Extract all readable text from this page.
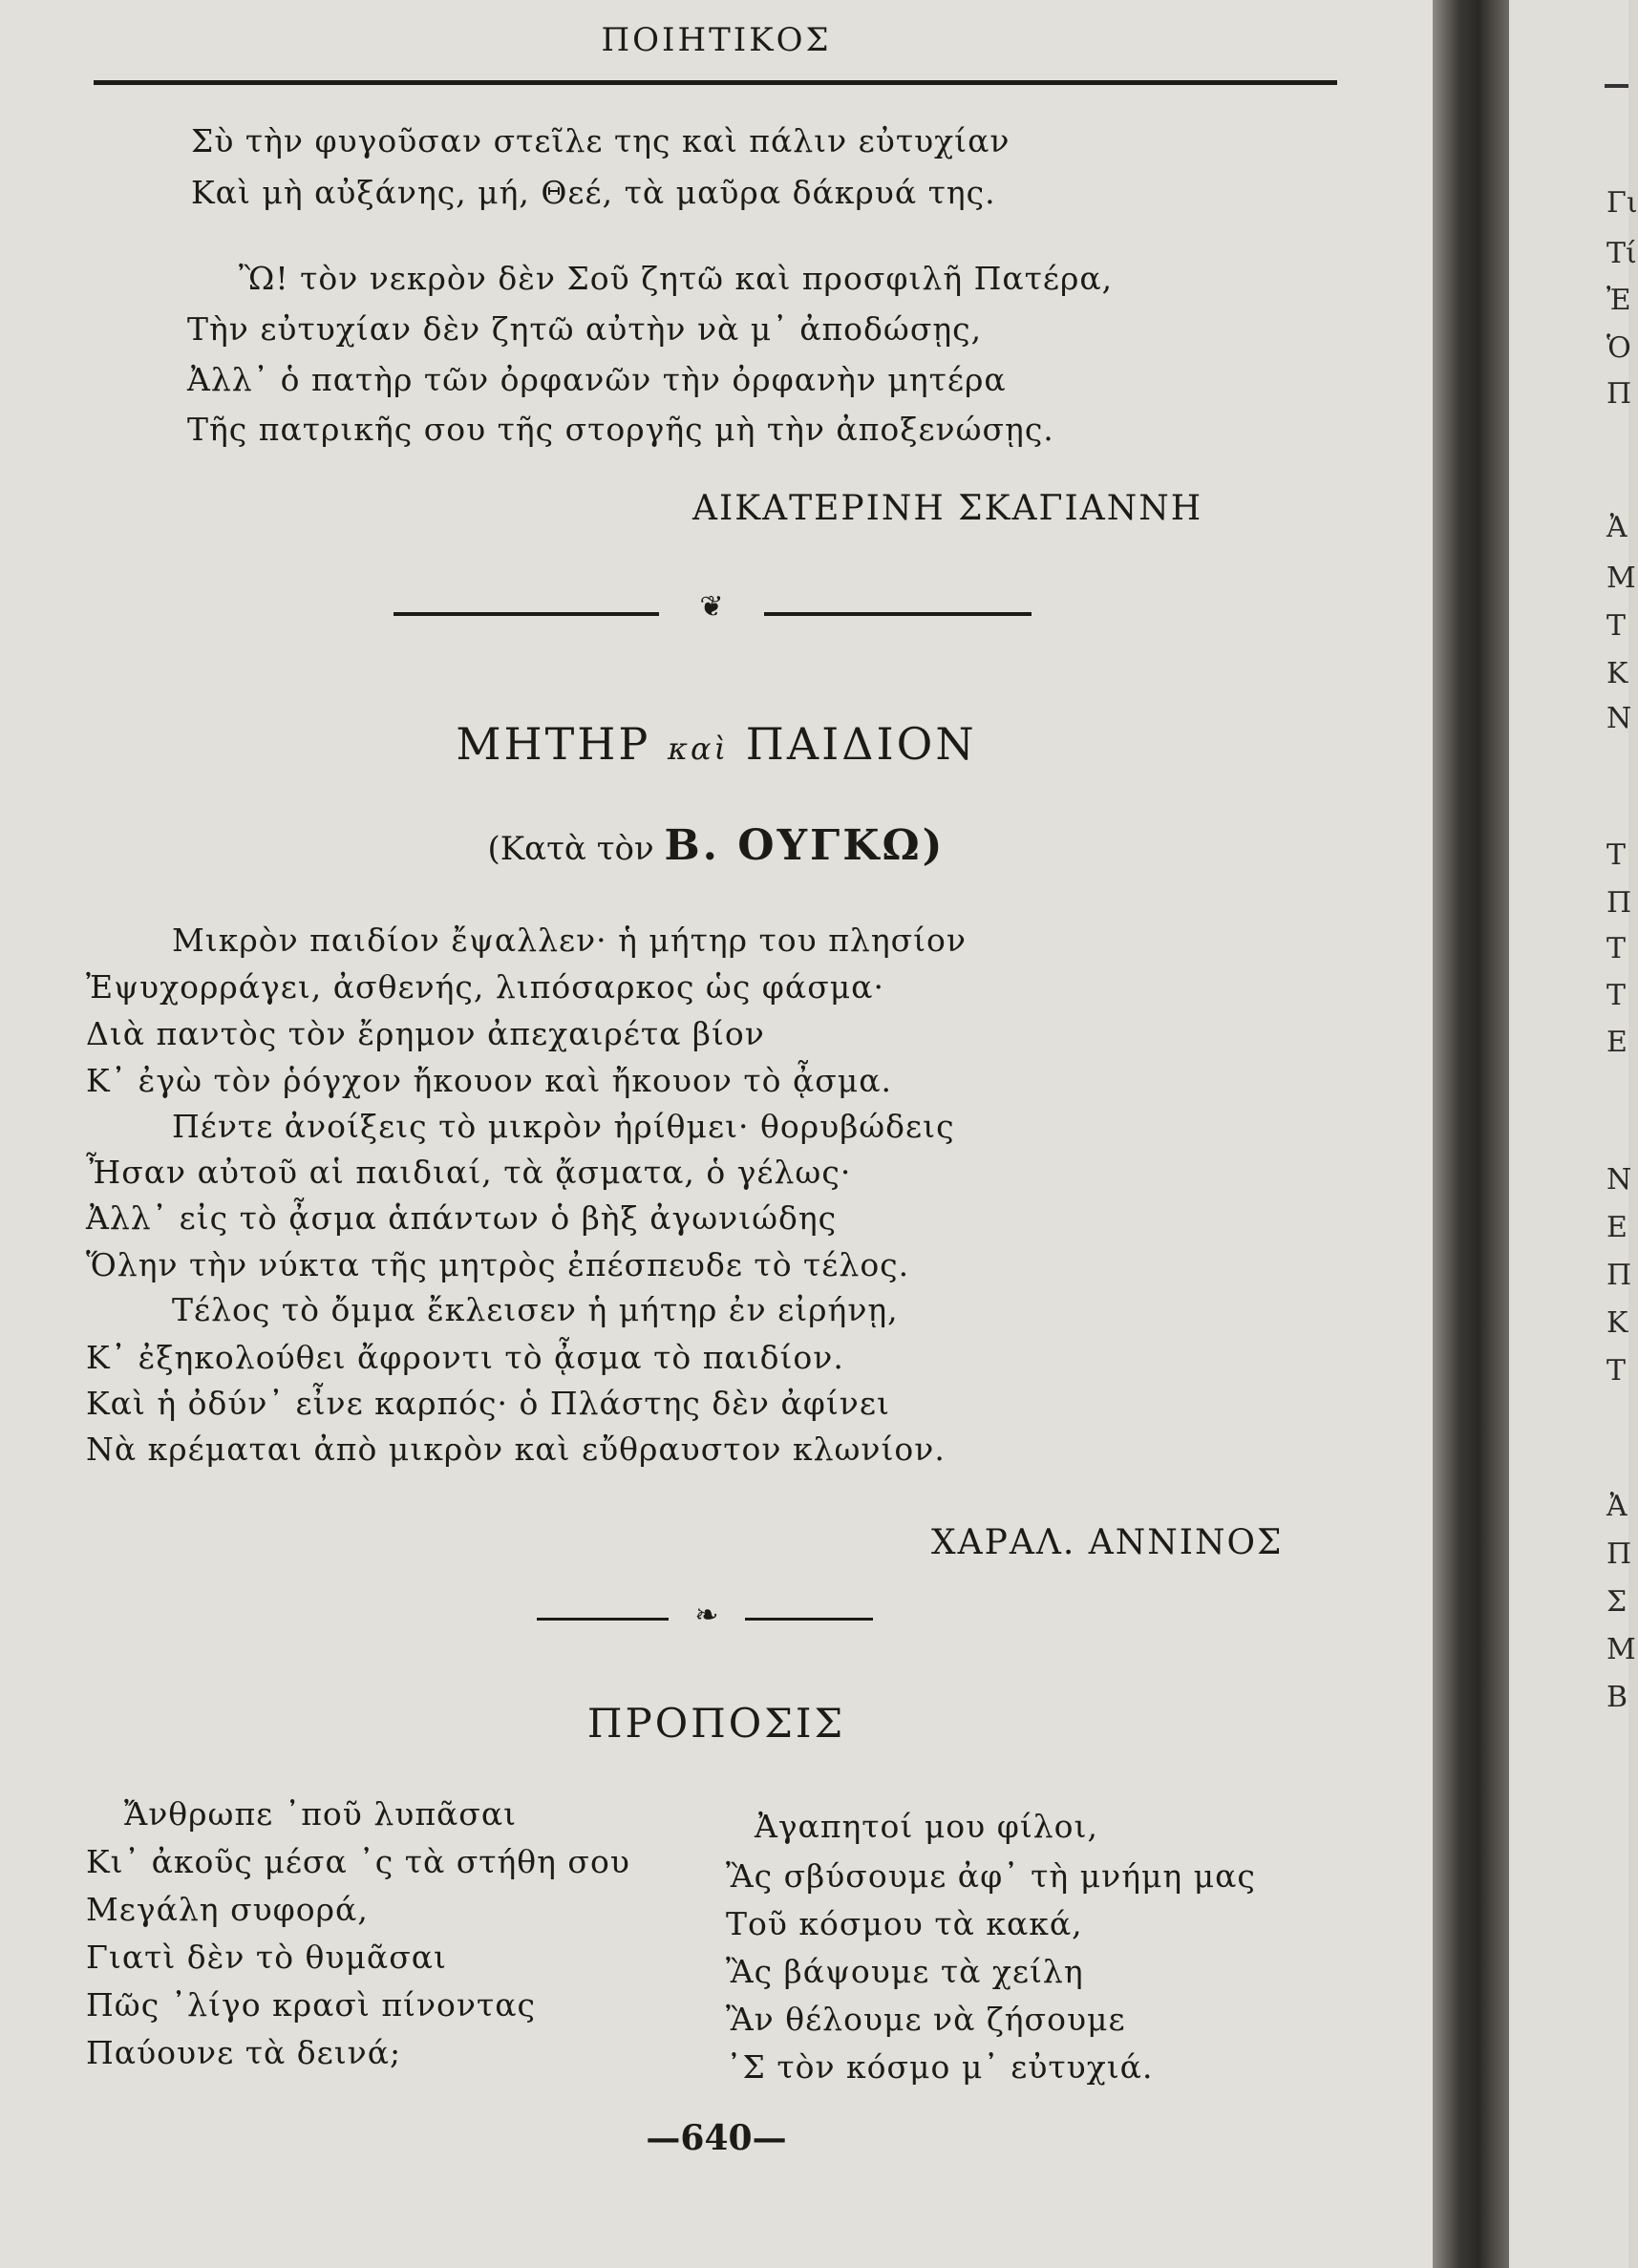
ΠΟΙΗΤΙΚΟΣ
Σὺ τὴν φυγοῦσαν στεῖλε της καὶ πάλιν εὐτυχίαν
Καὶ μὴ αὐξάνης, μή, Θεέ, τὰ μαῦρα δάκρυά της.
Ὢ! τὸν νεκρὸν δὲν Σοῦ ζητῶ καὶ προσφιλῆ Πατέρα,
Τὴν εὐτυχίαν δὲν ζητῶ αὐτὴν νὰ μ᾿ ἀποδώσῃς,
Ἀλλ᾿ ὁ πατὴρ τῶν ὀρφανῶν τὴν ὀρφανὴν μητέρα
Τῆς πατρικῆς σου τῆς στοργῆς μὴ τὴν ἀποξενώσῃς.
ΑΙΚΑΤΕΡΙΝΗ ΣΚΑΓΙΑΝΝΗ
❦
ΜΗΤΗΡ καὶ ΠΑΙΔΙΟΝ
(Κατὰ τὸν Β. ΟΥΓΚΩ)
Μικρὸν παιδίον ἔψαλλεν· ἡ μήτηρ του πλησίον
Ἐψυχορράγει, ἀσθενής, λιπόσαρκος ὡς φάσμα·
Διὰ παντὸς τὸν ἔρημον ἀπεχαιρέτα βίον
Κ᾿ ἐγὼ τὸν ῥόγχον ἤκουον καὶ ἤκουον τὸ ᾆσμα.
Πέντε ἀνοίξεις τὸ μικρὸν ἠρίθμει· θορυβώδεις
Ἦσαν αὐτοῦ αἱ παιδιαί, τὰ ᾄσματα, ὁ γέλως·
Ἀλλ᾿ εἰς τὸ ᾆσμα ἁπάντων ὁ βὴξ ἀγωνιώδης
Ὅλην τὴν νύκτα τῆς μητρὸς ἐπέσπευδε τὸ τέλος.
Τέλος τὸ ὄμμα ἔκλεισεν ἡ μήτηρ ἐν εἰρήνῃ,
Κ᾿ ἐξηκολούθει ἄφροντι τὸ ᾆσμα τὸ παιδίον.
Καὶ ἡ ὀδύν᾿ εἶνε καρπός· ὁ Πλάστης δὲν ἀφίνει
Νὰ κρέμαται ἀπὸ μικρὸν καὶ εὔθραυστον κλωνίον.
ΧΑΡΑΛ. ΑΝΝΙΝΟΣ
❧
ΠΡΟΠΟΣΙΣ
Ἄνθρωπε ᾿ποῦ λυπᾶσαι
Κι᾿ ἀκοῦς μέσα ᾿ς τὰ στήθη σου
Μεγάλη συφορά,
Γιατὶ δὲν τὸ θυμᾶσαι
Πῶς ᾿λίγο κρασὶ πίνοντας
Παύουνε τὰ δεινά;
Ἀγαπητοί μου φίλοι,
Ἂς σβύσουμε ἀφ᾿ τὴ μνήμη μας
Τοῦ κόσμου τὰ κακά,
Ἂς βάψουμε τὰ χείλη
Ἂν θέλουμε νὰ ζήσουμε
᾿Σ τὸν κόσμο μ᾿ εὐτυχιά.
—640—
Γι
Τί
Ἐ
Ὁ
Π
Ἀ
Μ
Τ
Κ
Ν
Τ
Π
Τ
Τ
Ε
Ν
Ε
Π
Κ
Τ
Ἀ
Π
Σ
Μ
Β
